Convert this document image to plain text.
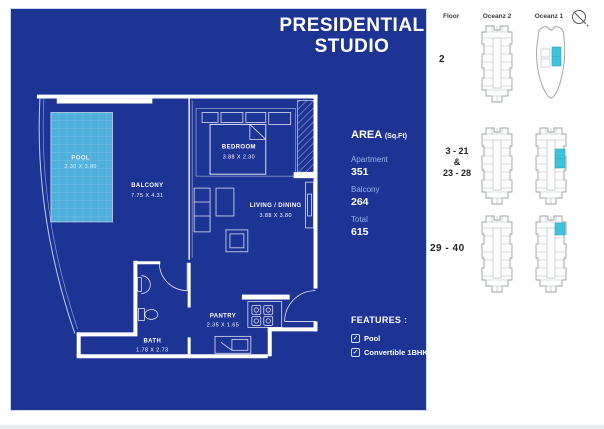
POOL
2.30 X 3.80
BALCONY
7.75 X 4.31
BEDROOM
3.88 X 2.30
LIVING / DINING
3.88 X 3.80
BATH
1.78 X 2.73
PANTRY
2.35 X 1.65
PRESIDENTIAL
STUDIO
AREA (Sq.Ft)
Apartment
351
Balcony
264
Total
615
FEATURES :
✓ Pool
✓ Convertible 1BHK
Floor	Oceanz 2	Oceanz 1
2
3 - 21
&
23 - 28
29 - 40
